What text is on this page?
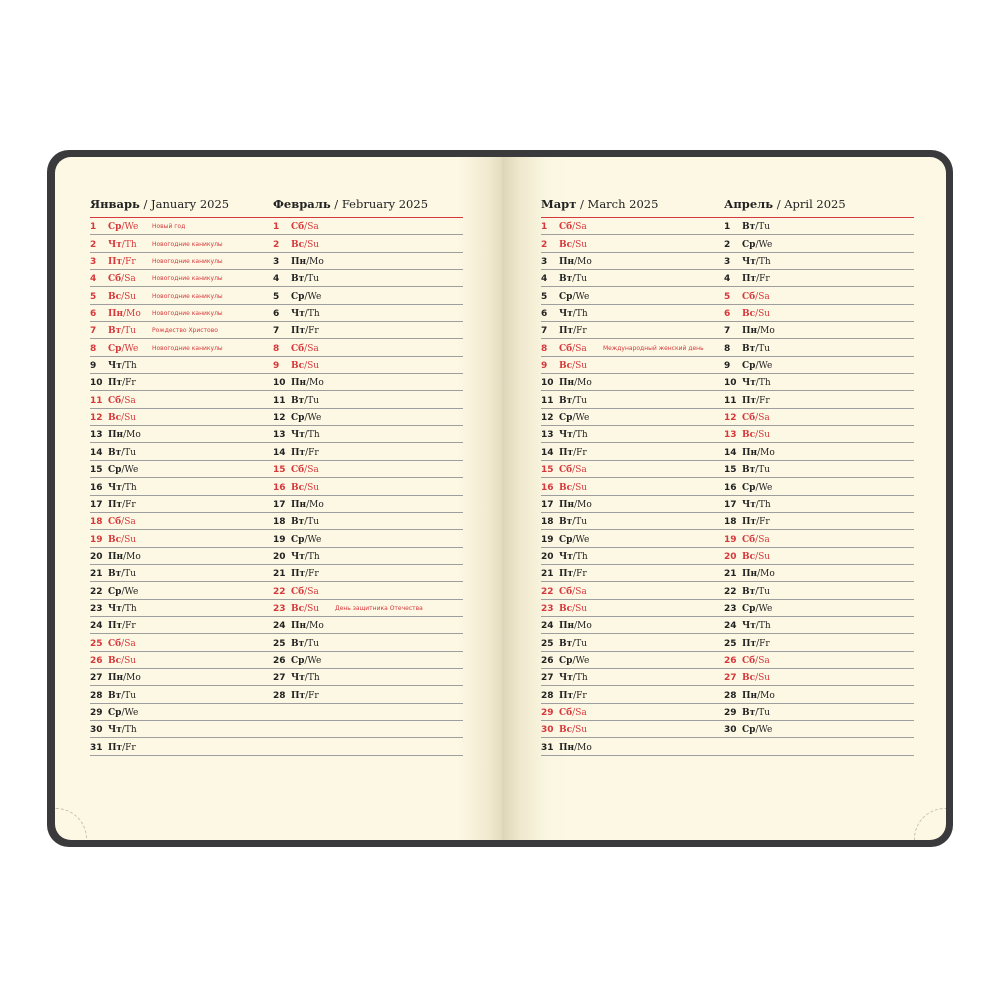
Январь / January 2025
1 Ср/We Новый год
2 Чт/Th	Новогодние каникулы
3 Пт/Fr	Новогодние каникулы
4 Сб/Sa	Новогодние каникулы
5 Вс/Su	Новогодние каникулы
6 Пн/Mo Новогодние каникулы
7 Вт/Tu	Рождество Христово
8 Ср/We Новогодние каникулы
9 Чт/Th
10 Пт/Fr
11 Сб/Sa
12 Вс/Su
13 Пн/Mo
14 Вт/Tu
15 Ср/We
16 Чт/Th
17 Пт/Fr
18 Сб/Sa
19 Вс/Su
20 Пн/Mo
21 Вт/Tu
22 Ср/We
23 Чт/Th
24 Пт/Fr
25 Сб/Sa
26 Вс/Su
27 Пн/Mo
28 Вт/Tu
29 Ср/We
30 Чт/Th
31 Пт/Fr
Февраль / February 2025
1 Сб/Sa
2 Вс/Su
3 Пн/Mo
4 Вт/Tu
5 Ср/We
6 Чт/Th
7 Пт/Fr
8 Сб/Sa
9 Вс/Su
10 Пн/Mo
11 Вт/Tu
12 Ср/We
13 Чт/Th
14 Пт/Fr
15 Сб/Sa
16 Вс/Su
17 Пн/Mo
18 Вт/Tu
19 Ср/We
20 Чт/Th
21 Пт/Fr
22 Сб/Sa
23 Вс/Su	День защитника Отечества
24 Пн/Mo
25 Вт/Tu
26 Ср/We
27 Чт/Th
28 Пт/Fr
Март / March 2025
1 Сб/Sa
2 Вс/Su
3 Пн/Mo
4 Вт/Tu
5 Ср/We
6 Чт/Th
7 Пт/Fr
8 Сб/Sa	Международный женский день
9 Вс/Su
10 Пн/Mo
11 Вт/Tu
12 Ср/We
13 Чт/Th
14 Пт/Fr
15 Сб/Sa
16 Вс/Su
17 Пн/Mo
18 Вт/Tu
19 Ср/We
20 Чт/Th
21 Пт/Fr
22 Сб/Sa
23 Вс/Su
24 Пн/Mo
25 Вт/Tu
26 Ср/We
27 Чт/Th
28 Пт/Fr
29 Сб/Sa
30 Вс/Su
31 Пн/Mo
Апрель / April 2025
1 Вт/Tu
2 Ср/We
3 Чт/Th
4 Пт/Fr
5 Сб/Sa
6 Вс/Su
7 Пн/Mo
8 Вт/Tu
9 Ср/We
10 Чт/Th
11 Пт/Fr
12 Сб/Sa
13 Вс/Su
14 Пн/Mo
15 Вт/Tu
16 Ср/We
17 Чт/Th
18 Пт/Fr
19 Сб/Sa
20 Вс/Su
21 Пн/Mo
22 Вт/Tu
23 Ср/We
24 Чт/Th
25 Пт/Fr
26 Сб/Sa
27 Вс/Su
28 Пн/Mo
29 Вт/Tu
30 Ср/We
